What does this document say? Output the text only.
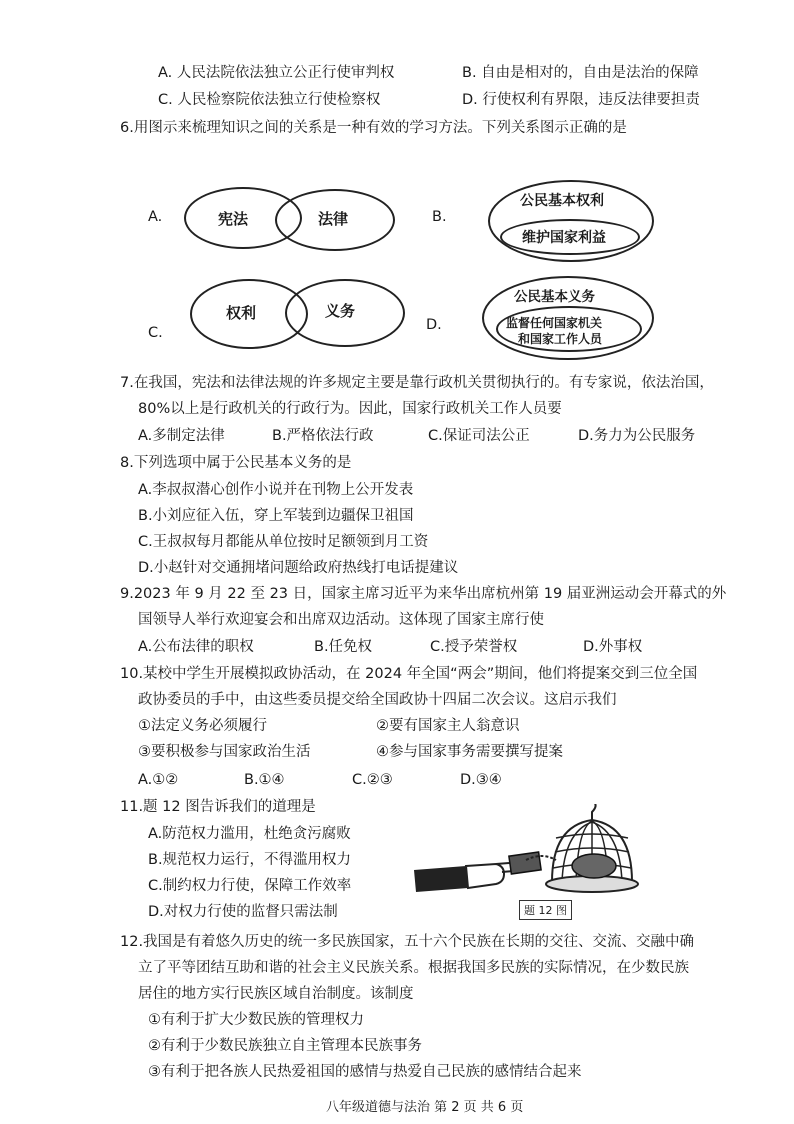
A. 人民法院依法独立公正行使审判权	B. 自由是相对的，自由是法治的保障
C. 人民检察院依法独立行使检察权	D. 行使权利有界限，违反法律要担责
6.用图示来梳理知识之间的关系是一种有效的学习方法。下列关系图示正确的是
A.	B.
C.	D.
宪法	法律
公民基本权利
维护国家利益
权利	义务
公民基本义务
监督任何国家机关
和国家工作人员
7.在我国，宪法和法律法规的许多规定主要是靠行政机关贯彻执行的。有专家说，依法治国，
80%以上是行政机关的行政行为。因此，国家行政机关工作人员要
A.多制定法律	B.严格依法行政	C.保证司法公正	D.务力为公民服务
8.下列选项中属于公民基本义务的是
A.李叔叔潜心创作小说并在刊物上公开发表
B.小刘应征入伍，穿上军装到边疆保卫祖国
C.王叔叔每月都能从单位按时足额领到月工资
D.小赵针对交通拥堵问题给政府热线打电话提建议
9.2023 年 9 月 22 至 23 日，国家主席习近平为来华出席杭州第 19 届亚洲运动会开幕式的外
国领导人举行欢迎宴会和出席双边活动。这体现了国家主席行使
A.公布法律的职权	B.任免权	C.授予荣誉权	D.外事权
10.某校中学生开展模拟政协活动，在 2024 年全国“两会”期间，他们将提案交到三位全国
政协委员的手中，由这些委员提交给全国政协十四届二次会议。这启示我们
①法定义务必须履行	②要有国家主人翁意识
③要积极参与国家政治生活	④参与国家事务需要撰写提案
A.①②	B.①④	C.②③	D.③④
11.题 12 图告诉我们的道理是
A.防范权力滥用，杜绝贪污腐败
B.规范权力运行，不得滥用权力
C.制约权力行使，保障工作效率
D.对权力行使的监督只需法制	题 12 图
12.我国是有着悠久历史的统一多民族国家，五十六个民族在长期的交往、交流、交融中确
立了平等团结互助和谐的社会主义民族关系。根据我国多民族的实际情况，在少数民族
居住的地方实行民族区域自治制度。该制度
①有利于扩大少数民族的管理权力
②有利于少数民族独立自主管理本民族事务
③有利于把各族人民热爱祖国的感情与热爱自己民族的感情结合起来
八年级道德与法治 第 2 页 共 6 页
